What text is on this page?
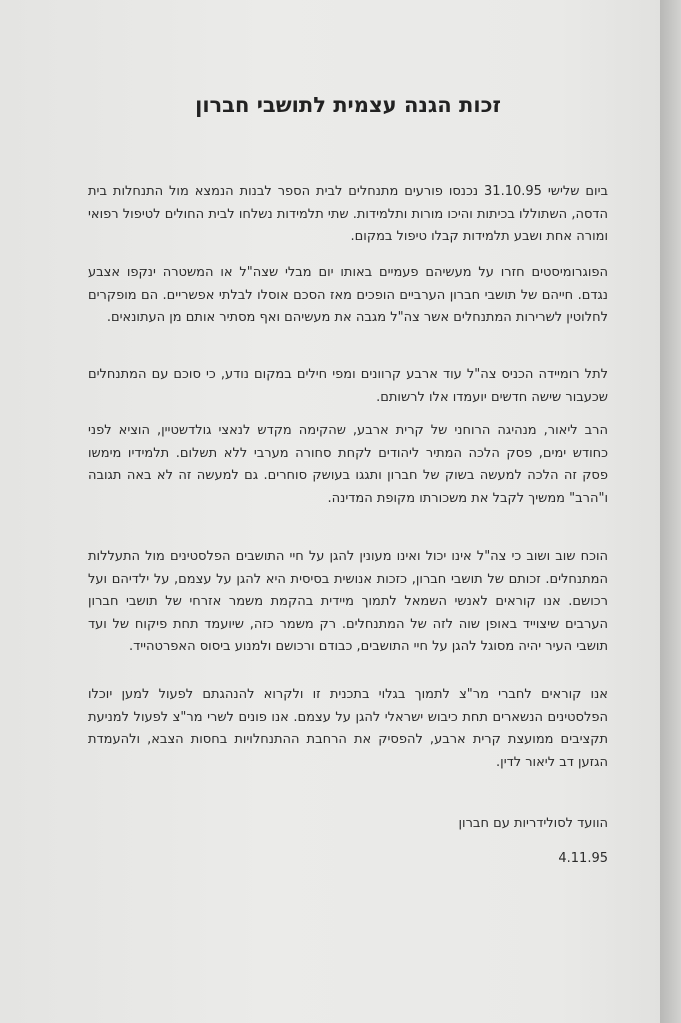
זכות הגנה עצמית לתושבי חברון
ביום שלישי 31.10.95 נכנסו פורעים מתנחלים לבית הספר לבנות הנמצא מול התנחלות בית הדסה, השתוללו בכיתות והיכו מורות ותלמידות. שתי תלמידות נשלחו לבית החולים לטיפול רפואי ומורה אחת ושבע תלמידות קבלו טיפול במקום.
הפוגרומיסטים חזרו על מעשיהם פעמיים באותו יום מבלי שצה"ל או המשטרה ינקפו אצבע נגדם. חייהם של תושבי חברון הערביים הופכים מאז הסכם אוסלו לבלתי אפשריים. הם מופקרים לחלוטין לשרירות המתנחלים אשר צה"ל מגבה את מעשיהם ואף מסתיר אותם מן העתונאים.
לתל רומיידה הכניס צה"ל עוד ארבע קרוונים ומפי חילים במקום נודע, כי סוכם עם המתנחלים שכעבור שישה חדשים יועמדו אלו לרשותם.
הרב ליאור, מנהיגה הרוחני של קרית ארבע, שהקימה מקדש לנאצי גולדשטיין, הוציא לפני כחודש ימים, פסק הלכה המתיר ליהודים לקחת סחורה מערבי ללא תשלום. תלמידיו מימשו פסק זה הלכה למעשה בשוק של חברון ותגגו בעושק סוחרים. גם למעשה זה לא באה תגובה ו"הרב" ממשיך לקבל את משכורתו מקופת המדינה.
הוכח שוב ושוב כי צה"ל אינו יכול ואינו מעונין להגן על חיי התושבים הפלסטינים מול התעללות המתנחלים. זכותם של תושבי חברון, כזכות אנושית בסיסית היא להגן על עצמם, על ילדיהם ועל רכושם. אנו קוראים לאנשי השמאל לתמוך מיידית בהקמת משמר אזרחי של תושבי חברון הערבים שיצוייד באופן שוה לזה של המתנחלים. רק משמר כזה, שיועמד תחת פיקוח של ועד תושבי העיר יהיה מסוגל להגן על חיי התושבים, כבודם ורכושם ולמנוע ביסוס האפרטהייד.
אנו קוראים לחברי מר"צ לתמוך בגלוי בתכנית זו ולקרוא להנהגתם לפעול למען יוכלו הפלסטינים הנשארים תחת כיבוש ישראלי להגן על עצמם. אנו פונים לשרי מר"צ לפעול למניעת תקציבים ממועצת קרית ארבע, להפסיק את הרחבת ההתנחלויות בחסות הצבא, ולהעמדת הגזען דב ליאור לדין.
הוועד לסולידריות עם חברון
4.11.95
